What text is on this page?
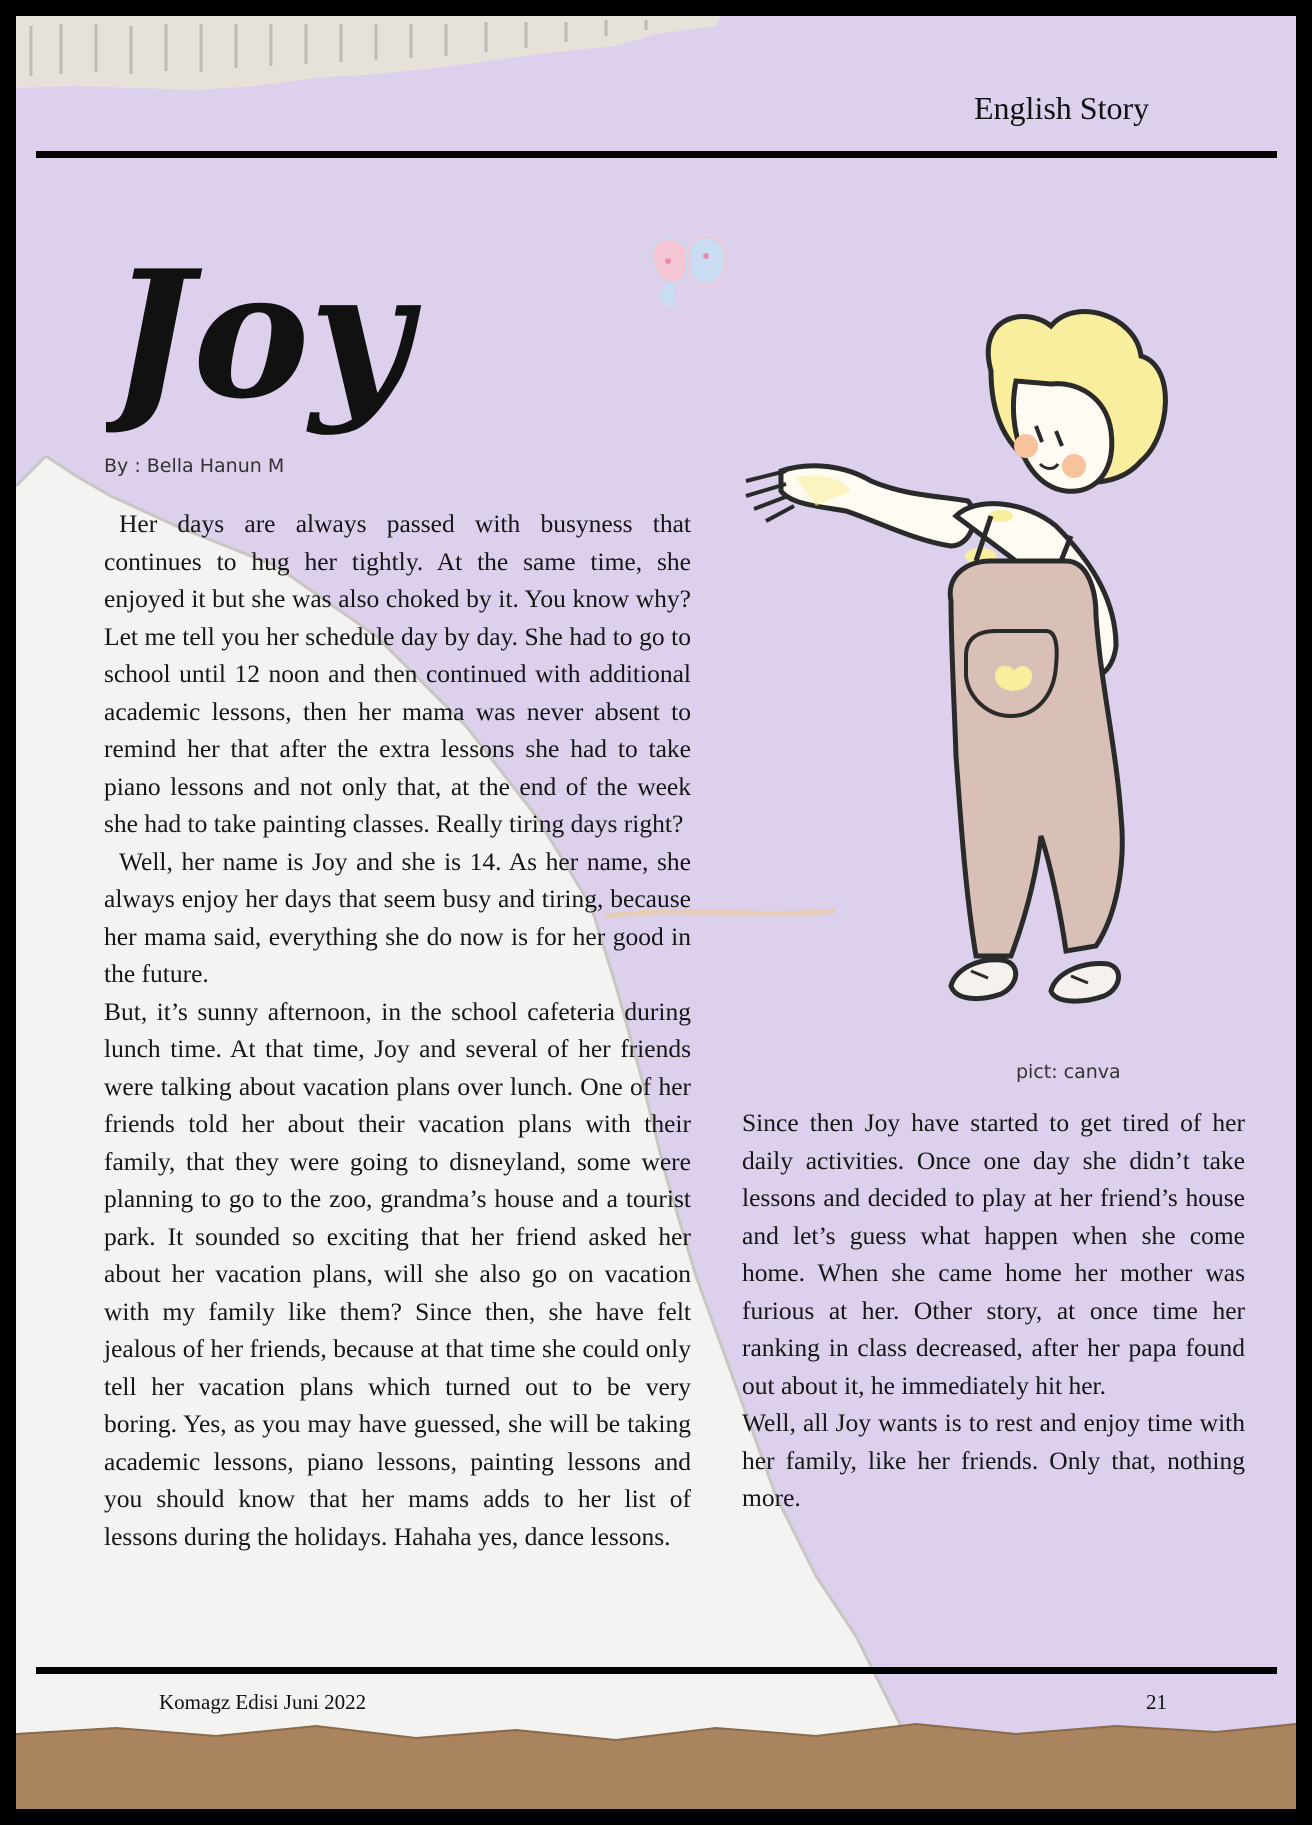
English Story
Joy
By : Bella Hanun M

Her days are always passed with busyness that continues to hug her tightly. At the same time, she enjoyed it but she was also choked by it. You know why? Let me tell you her schedule day by day. She had to go to school until 12 noon and then continued with additional academic lessons, then her mama was never absent to remind her that after the extra lessons she had to take piano lessons and not only that, at the end of the week she had to take painting classes. Really tiring days right?

Well, her name is Joy and she is 14. As her name, she always enjoy her days that seem busy and tiring, because her mama said, everything she do now is for her good in the future.

But, it’s sunny afternoon, in the school cafeteria during lunch time. At that time, Joy and several of her friends were talking about vacation plans over lunch. One of her friends told her about their vacation plans with their family, that they were going to disneyland, some were planning to go to the zoo, grandma’s house and a tourist park. It sounded so exciting that her friend asked her about her vacation plans, will she also go on vacation with my family like them? Since then, she have felt jealous of her friends, because at that time she could only tell her vacation plans which turned out to be very boring. Yes, as you may have guessed, she will be taking academic lessons, piano lessons, painting lessons and you should know that her mams adds to her list of lessons during the holidays. Hahaha yes, dance lessons.

pict: canva

Since then Joy have started to get tired of her daily activities. Once one day she didn’t take lessons and decided to play at her friend’s house and let’s guess what happen when she come home. When she came home her mother was furious at her. Other story, at once time her ranking in class decreased, after her papa found out about it, he immediately hit her.

Well, all Joy wants is to rest and enjoy time with her family, like her friends. Only that, nothing more.

Komagz Edisi Juni 2022	21
